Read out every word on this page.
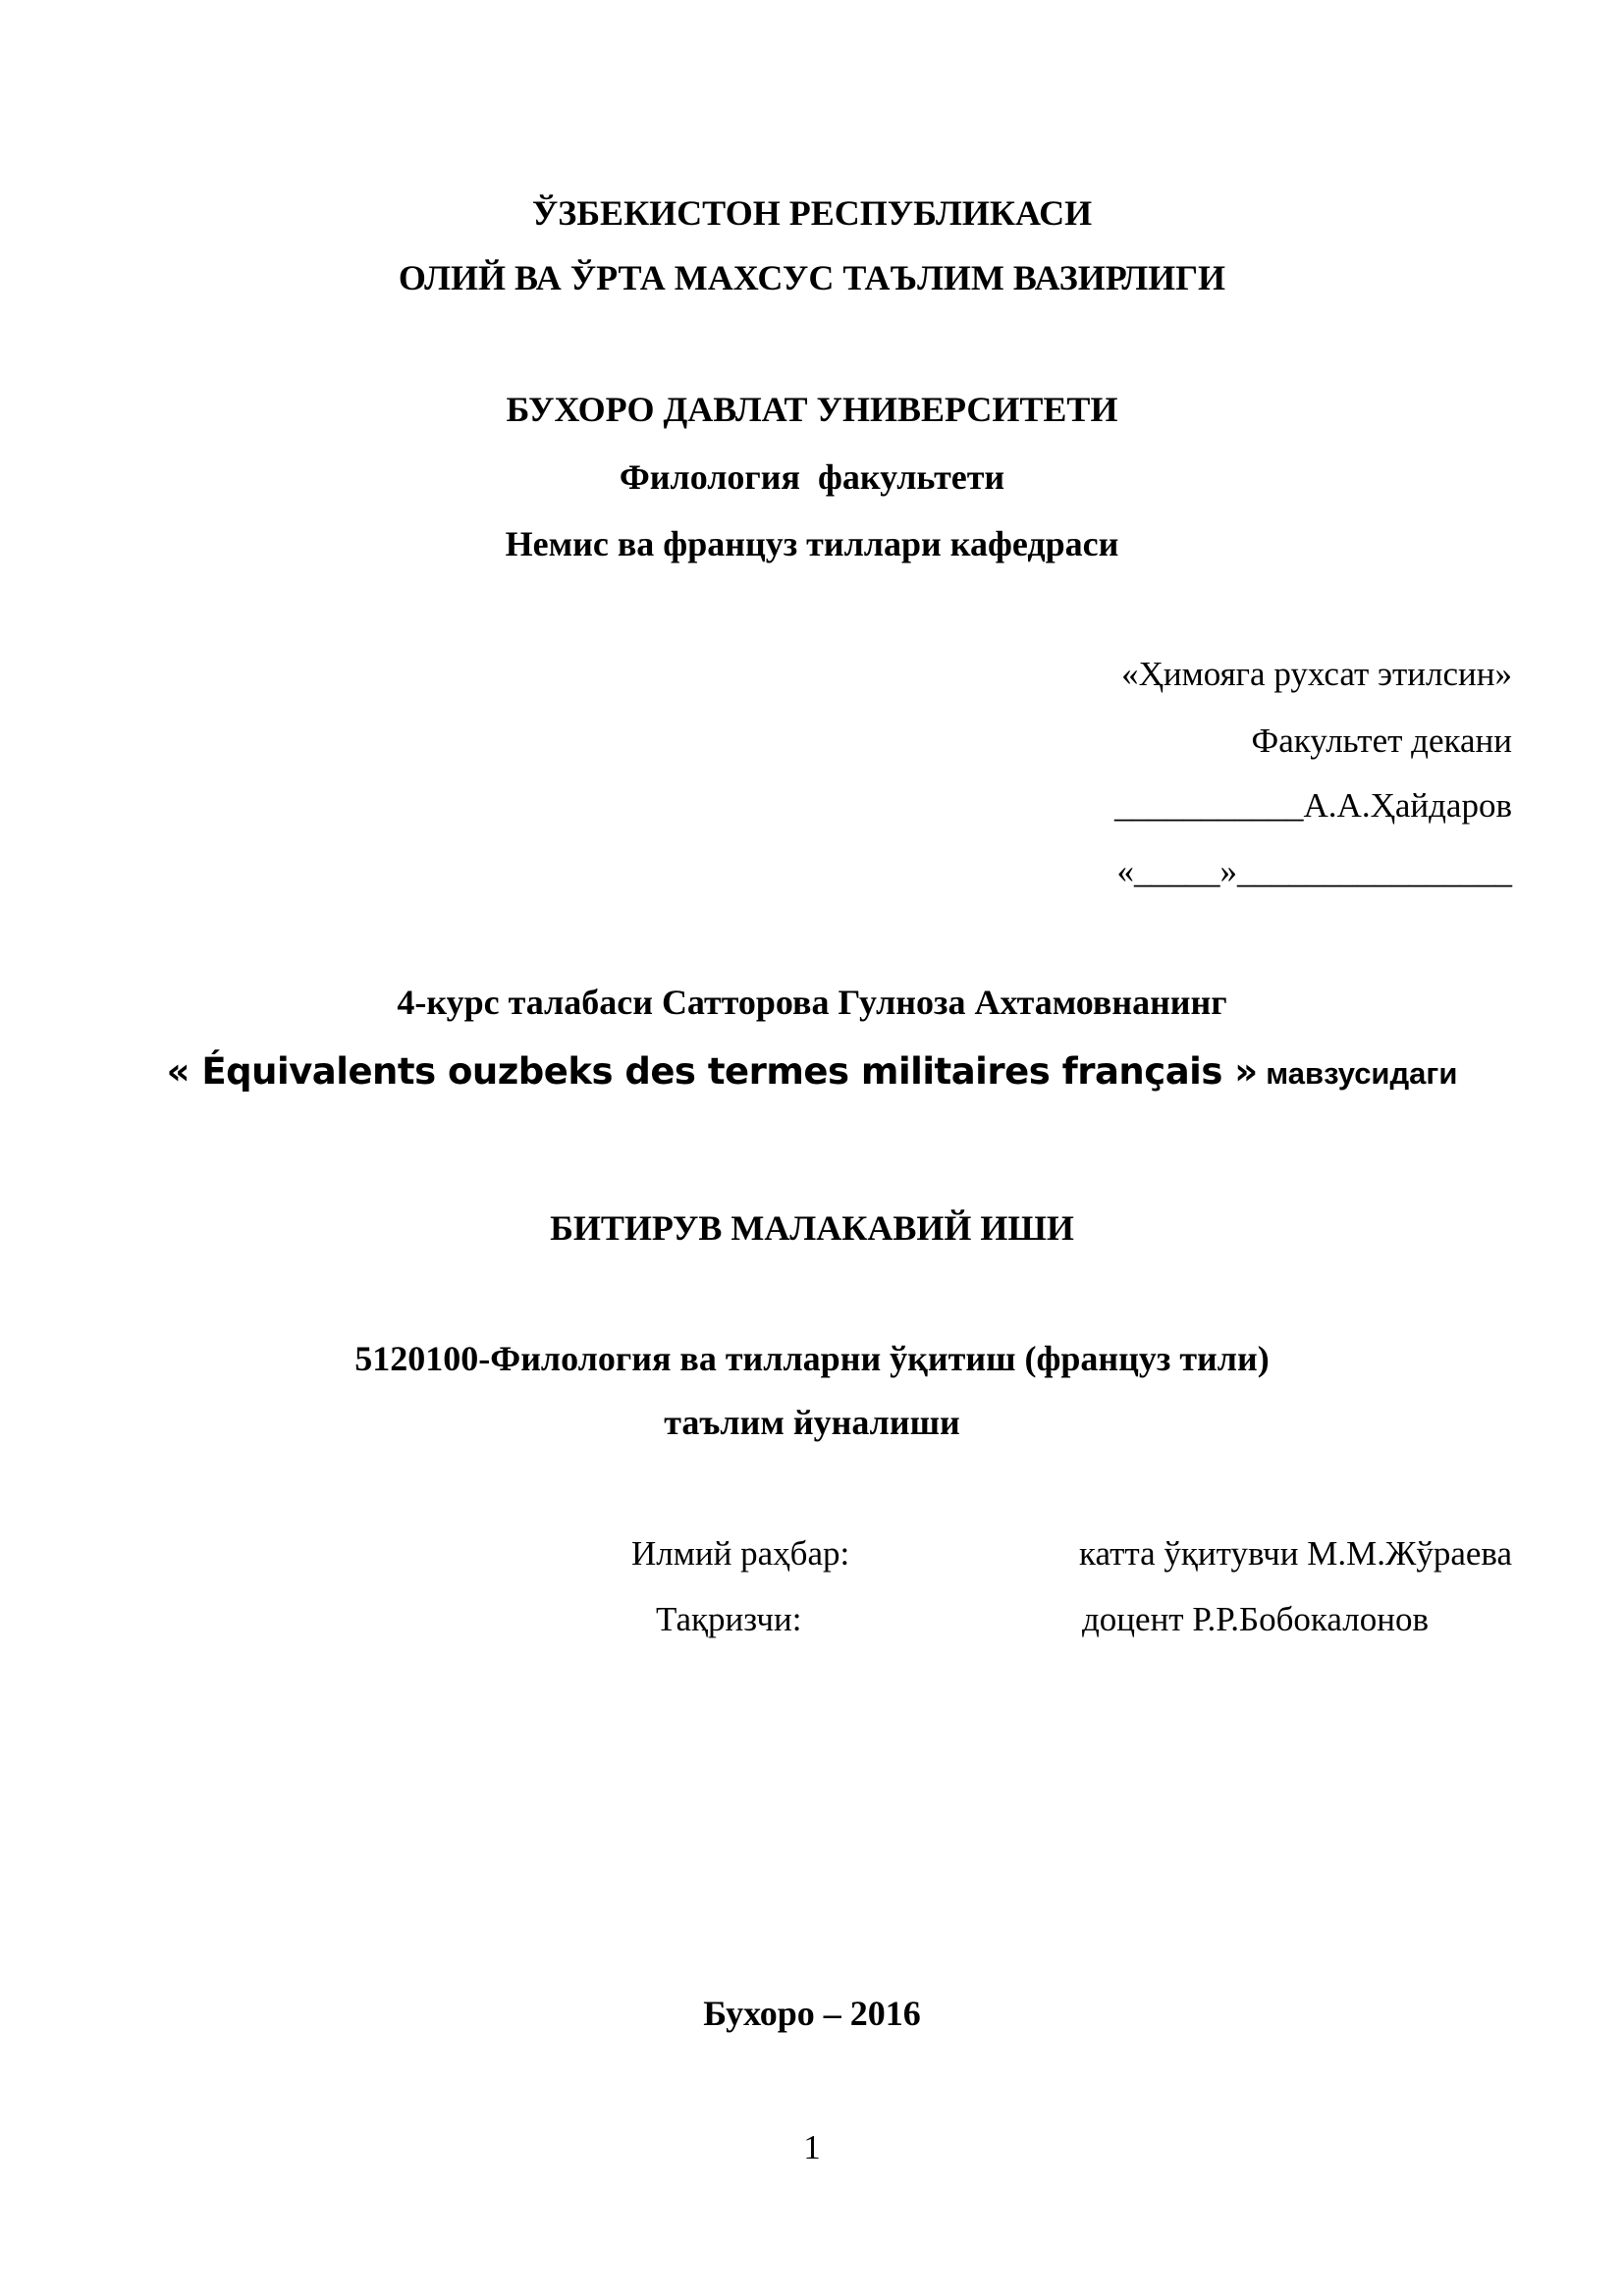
ЎЗБЕКИСТОН РЕСПУБЛИКАСИ
ОЛИЙ ВА ЎРТА МАХСУС ТАЪЛИМ ВАЗИРЛИГИ
БУХОРО ДАВЛАТ УНИВЕРСИТЕТИ
Филология  факультети
Немис ва француз тиллари кафедраси
«Ҳимояга рухсат этилсин»
Факультет декани
___________А.А.Ҳайдаров
«_____»________________
4-курс талабаси Сатторова Гулноза Ахтамовнанинг
« Équivalents ouzbeks des termes militaires français » мавзусидаги
БИТИРУВ МАЛАКАВИЙ ИШИ
5120100-Филология ва тилларни ўқитиш (француз тили)
таълим йуналиши
Илмий раҳбар:	катта ўқитувчи М.М.Жўраева
Тақризчи:	доцент Р.Р.Бобокалонов
Бухоро – 2016
1
